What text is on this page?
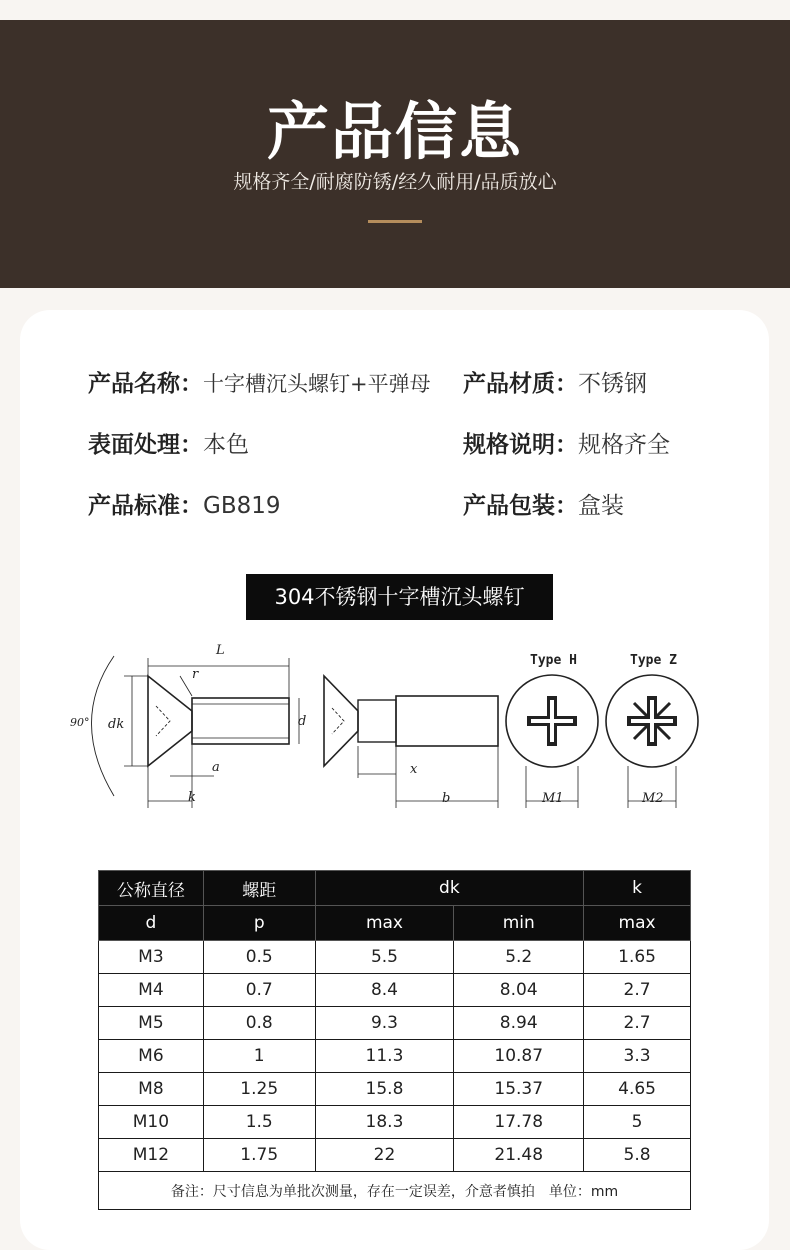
产品信息
规格齐全/耐腐防锈/经久耐用/品质放心
产品名称：十字槽沉头螺钉+平弹母 产品材质：不锈钢
表面处理：本色	规格说明：规格齐全
产品标准：GB819	产品包装：盒装
304不锈钢十字槽沉头螺钉
L
r
90° dk	d
a
k
x
b
Type H
M1
Type Z
M2
公称直径	螺距	dk		k
d	p	max	min	max
M3	0.5	5.5	5.2	1.65
M4	0.7	8.4	8.04	2.7
M5	0.8	9.3	8.94	2.7
M6	1	11.3	10.87	3.3
M8	1.25	15.8	15.37	4.65
M10	1.5	18.3	17.78	5
M12	1.75	22	21.48	5.8
备注：尺寸信息为单批次测量，存在一定误差，介意者慎拍　单位：mm				
